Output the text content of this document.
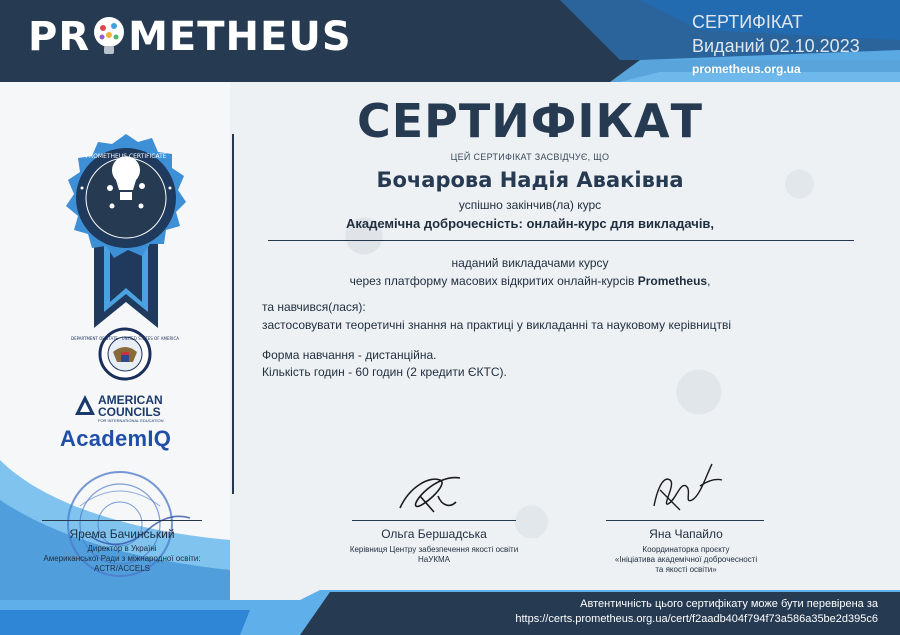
PR METHEUS	СЕРТИФІКАТ
Виданий 02.10.2023
prometheus.org.ua
PROMETHEUS CERTIFICATE
DEPARTMENT OF STATE · UNITED STATES OF AMERICA
AMERICAN
COUNCILS
FOR INTERNATIONAL EDUCATION
AcademIQ
СЕРТИФІКАТ
ЦЕЙ СЕРТИФІКАТ ЗАСВІДЧУЄ, ЩО
Бочарова Надія Аваківна
успішно закінчив(ла) курс
Академічна доброчесність: онлайн-курс для викладачів,
наданий викладачами курсу
через платформу масових відкритих онлайн-курсів Prometheus,
та навчився(лася):
застосовувати теоретичні знання на практиці у викладанні та науковому керівництві
Форма навчання - дистанційна.
Кількість годин - 60 годин (2 кредити ЄКТС).
Ярема Бачинський
Директор в Україні
Американської Ради з міжнародної освіти:
ACTR/ACCELS
Ольга Бершадська
Керівниця Центру забезпечення якості освіти
НаУКМА
Яна Чапайло
Координаторка проєкту
«Ініціатива академічної доброчесності
та якості освіти»
Автентичність цього сертифікату може бути перевірена за
https://certs.prometheus.org.ua/cert/f2aadb404f794f73a586a35be2d395c6
